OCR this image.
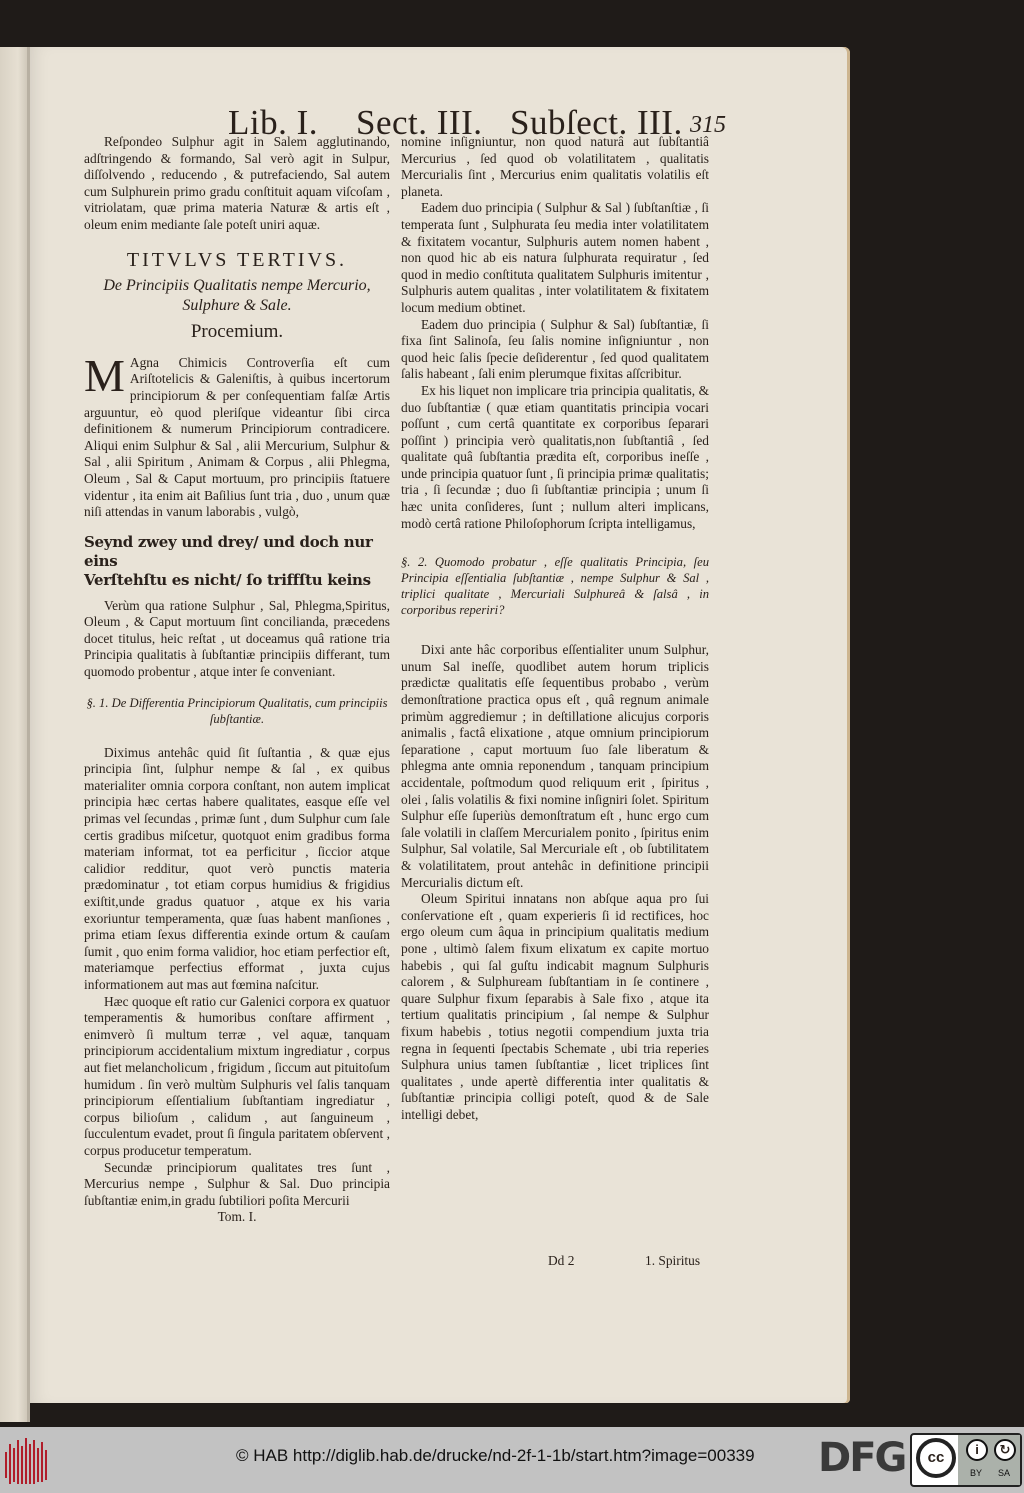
Lib. I. Sect. III. Subſect. III. 315

Reſpondeo Sulphur agit in Salem agglutinando, adſtringendo & formando, Sal verò agit in Sulpur, diſſolvendo , reducendo , & putrefaciendo, Sal autem cum Sulphurein primo gradu conſtituit aquam viſcoſam , vitriolatam, quæ prima materia Naturæ & artis eſt , oleum enim mediante ſale poteſt uniri aquæ.

TITVLVS TERTIVS.
De Principiis Qualitatis nempe Mercurio, Sulphure & Sale.
Procemium.
M Agna Chimicis Controverſia eſt cum Ariſtotelicis & Galeniſtis, à quibus incertorum principiorum & per conſequentiam falſæ Artis arguuntur, eò quod pleriſque videantur ſibi circa definitionem & numerum Principiorum contradicere. Aliqui enim Sulphur & Sal , alii Mercurium, Sulphur & Sal , alii Spiritum , Animam & Corpus , alii Phlegma, Oleum , Sal & Caput mortuum, pro principiis ſtatuere videntur , ita enim ait Baſilius ſunt tria , duo , unum quæ niſi attendas in vanum laborabis , vulgò,

Seynd zwey und drey/ und doch nur eins
Verſtehſtu es nicht/ ſo triffſtu keins

Verùm qua ratione Sulphur , Sal, Phlegma,Spiritus, Oleum , & Caput mortuum ſint concilianda, præcedens docet titulus, heic reſtat , ut doceamus quâ ratione tria Principia qualitatis à ſubſtantiæ principiis differant, tum quomodo probentur , atque inter ſe conveniant.

§. 1. De Differentia Principiorum Qualitatis, cum principiis ſubſtantiæ.

Diximus antehâc quid ſit ſuſtantia , & quæ ejus principia ſint, ſulphur nempe & ſal , ex quibus materialiter omnia corpora conſtant, non autem implicat principia hæc certas habere qualitates, easque eſſe vel primas vel ſecundas , primæ ſunt , dum Sulphur cum ſale certis gradibus miſcetur, quotquot enim gradibus forma materiam informat, tot ea perficitur , ſiccior atque calidior redditur, quot verò punctis materia prædominatur , tot etiam corpus humidius & frigidius exiſtit,unde gradus quatuor , atque ex his varia exoriuntur temperamenta, quæ ſuas habent manſiones , prima etiam ſexus differentia exinde ortum & cauſam ſumit , quo enim forma validior, hoc etiam perfectior eſt, materiamque perfectius efformat , juxta cujus informationem aut mas aut fœmina naſcitur.

Hæc quoque eſt ratio cur Galenici corpora ex quatuor temperamentis & humoribus conſtare affirment , enimverò ſi multum terræ , vel aquæ, tanquam principiorum accidentalium mixtum ingrediatur , corpus aut fiet melancholicum , frigidum , ſiccum aut pituitoſum humidum . ſin verò multùm Sulphuris vel ſalis tanquam principiorum eſſentialium ſubſtantiam ingrediatur , corpus bilioſum , calidum , aut ſanguineum , ſucculentum evadet, prout ſi ſingula paritatem obſervent , corpus producetur temperatum.

Secundæ principiorum qualitates tres ſunt , Mercurius nempe , Sulphur & Sal. Duo principia ſubſtantiæ enim,in gradu ſubtiliori poſita Mercurii

Tom. I.

nomine inſigniuntur, non quod naturâ aut ſubſtantiâ Mercurius , ſed quod ob volatilitatem , qualitatis Mercurialis ſint , Mercurius enim qualitatis volatilis eſt planeta.

Eadem duo principia ( Sulphur & Sal ) ſubſtanſtiæ , ſi temperata ſunt , Sulphurata ſeu media inter volatilitatem & fixitatem vocantur, Sulphuris autem nomen habent , non quod hic ab eis natura ſulphurata requiratur , ſed quod in medio conſtituta qualitatem Sulphuris imitentur , Sulphuris autem qualitas , inter volatilitatem & fixitatem locum medium obtinet.

Eadem duo principia ( Sulphur & Sal) ſubſtantiæ, ſi fixa ſint Salinoſa, ſeu ſalis nomine inſigniuntur , non quod heic ſalis ſpecie deſiderentur , ſed quod qualitatem ſalis habeant , ſali enim plerumque fixitas aſſcribitur.

Ex his liquet non implicare tria principia qualitatis, & duo ſubſtantiæ ( quæ etiam quantitatis principia vocari poſſunt , cum certâ quantitate ex corporibus ſeparari poſſint ) principia verò qualitatis,non ſubſtantiâ , ſed qualitate quâ ſubſtantia prædita eſt, corporibus ineſſe , unde principia quatuor ſunt , ſi principia primæ qualitatis; tria , ſi ſecundæ ; duo ſi ſubſtantiæ principia ; unum ſi hæc unita conſideres, ſunt ; nullum alteri implicans, modò certâ ratione Philoſophorum ſcripta intelligamus,

§. 2. Quomodo probatur , eſſe qualitatis Principia, ſeu Principia eſſentialia ſubſtantiæ , nempe Sulphur & Sal , triplici qualitate , Mercuriali Sulphureâ & ſalsâ , in corporibus reperiri?

Dixi ante hâc corporibus eſſentialiter unum Sulphur, unum Sal ineſſe, quodlibet autem horum triplicis prædictæ qualitatis eſſe ſequentibus probabo , verùm demonſtratione practica opus eſt , quâ regnum animale primùm aggrediemur ; in deſtillatione alicujus corporis animalis , factâ elixatione , atque omnium principiorum ſeparatione , caput mortuum ſuo ſale liberatum & phlegma ante omnia reponendum , tanquam principium accidentale, poſtmodum quod reliquum erit , ſpiritus , olei , ſalis volatilis & fixi nomine inſigniri ſolet. Spiritum Sulphur eſſe ſuperiùs demonſtratum eſt , hunc ergo cum ſale volatili in claſſem Mercurialem ponito , ſpiritus enim Sulphur, Sal volatile, Sal Mercuriale eſt , ob ſubtilitatem & volatilitatem, prout antehâc in definitione principii Mercurialis dictum eſt.

Oleum Spiritui innatans non abſque aqua pro ſui conſervatione eſt , quam experieris ſi id rectifices, hoc ergo oleum cum âqua in principium qualitatis medium pone , ultimò ſalem fixum elixatum ex capite mortuo habebis , qui ſal guſtu indicabit magnum Sulphuris calorem , & Sulphuream ſubſtantiam in ſe continere , quare Sulphur fixum ſeparabis à Sale fixo , atque ita tertium qualitatis principium , ſal nempe & Sulphur fixum habebis , totius negotii compendium juxta tria regna in ſequenti ſpectabis Schemate , ubi tria reperies Sulphura unius tamen ſubſtantiæ , licet triplices ſint qualitates , unde apertè differentia inter qualitatis & ſubſtantiæ principia colligi poteſt, quod & de Sale intelligi debet,

Dd 2	1. Spiritus
© HAB http://diglib.hab.de/drucke/nd-2f-1-1b/start.htm?image=00339 DFG	cc	i	↻
BY SA
